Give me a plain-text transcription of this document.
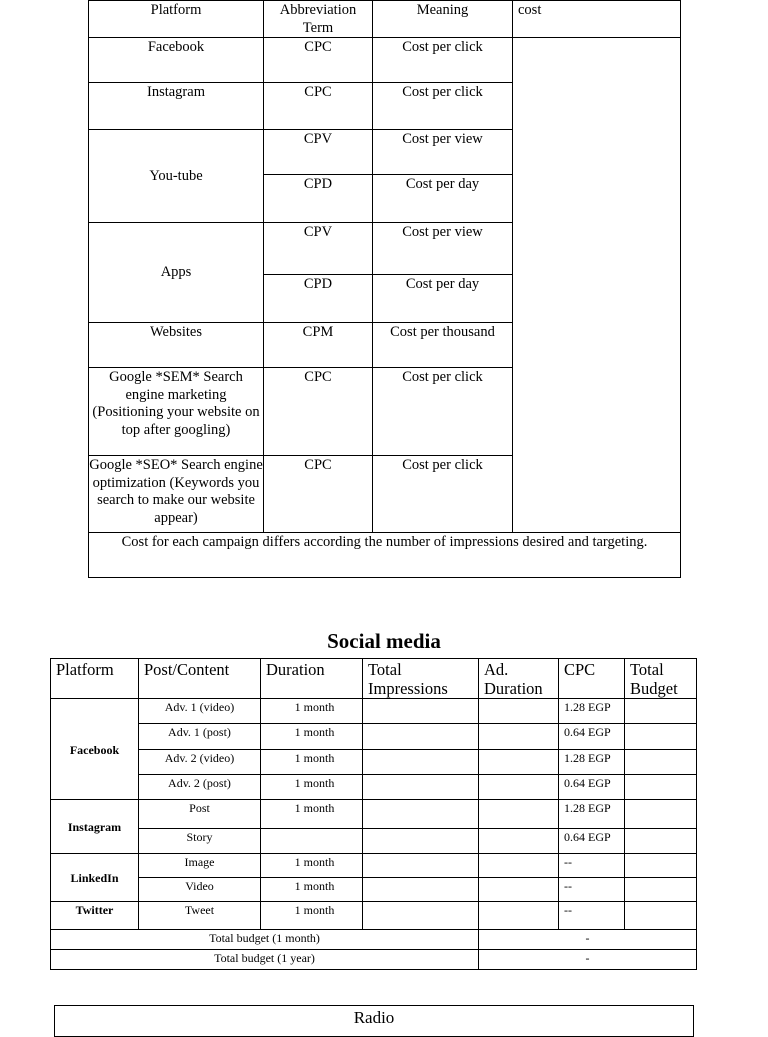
Platform	Abbreviation Term	Meaning	cost
Facebook	CPC	Cost per click	
Instagram	CPC	Cost per click	
You-tube	CPV	Cost per view	
	CPD	Cost per day	
Apps	CPV	Cost per view	
	CPD	Cost per day	
Websites	CPM	Cost per thousand	
Google *SEM* Search engine marketing (Positioning your website on top after googling)	CPC	Cost per click	
Google *SEO* Search engine optimization (Keywords you search to make our website appear)	CPC	Cost per click	
Cost for each campaign differs according the number of impressions desired and targeting.			
Social media
Platform	Post/Content	Duration	Total Impressions	Ad. Duration	CPC	Total Budget
Facebook	Adv. 1 (video)	1 month			1.28 EGP	
	Adv. 1 (post)	1 month			0.64 EGP	
	Adv. 2 (video)	1 month			1.28 EGP	
	Adv. 2 (post)	1 month			0.64 EGP	
Instagram	Post	1 month			1.28 EGP	
	Story				0.64 EGP	
LinkedIn	Image	1 month			--	
	Video	1 month			--	
Twitter	Tweet	1 month			--	
Total budget (1 month)				-		
Total budget (1 year)				-		
Radio
